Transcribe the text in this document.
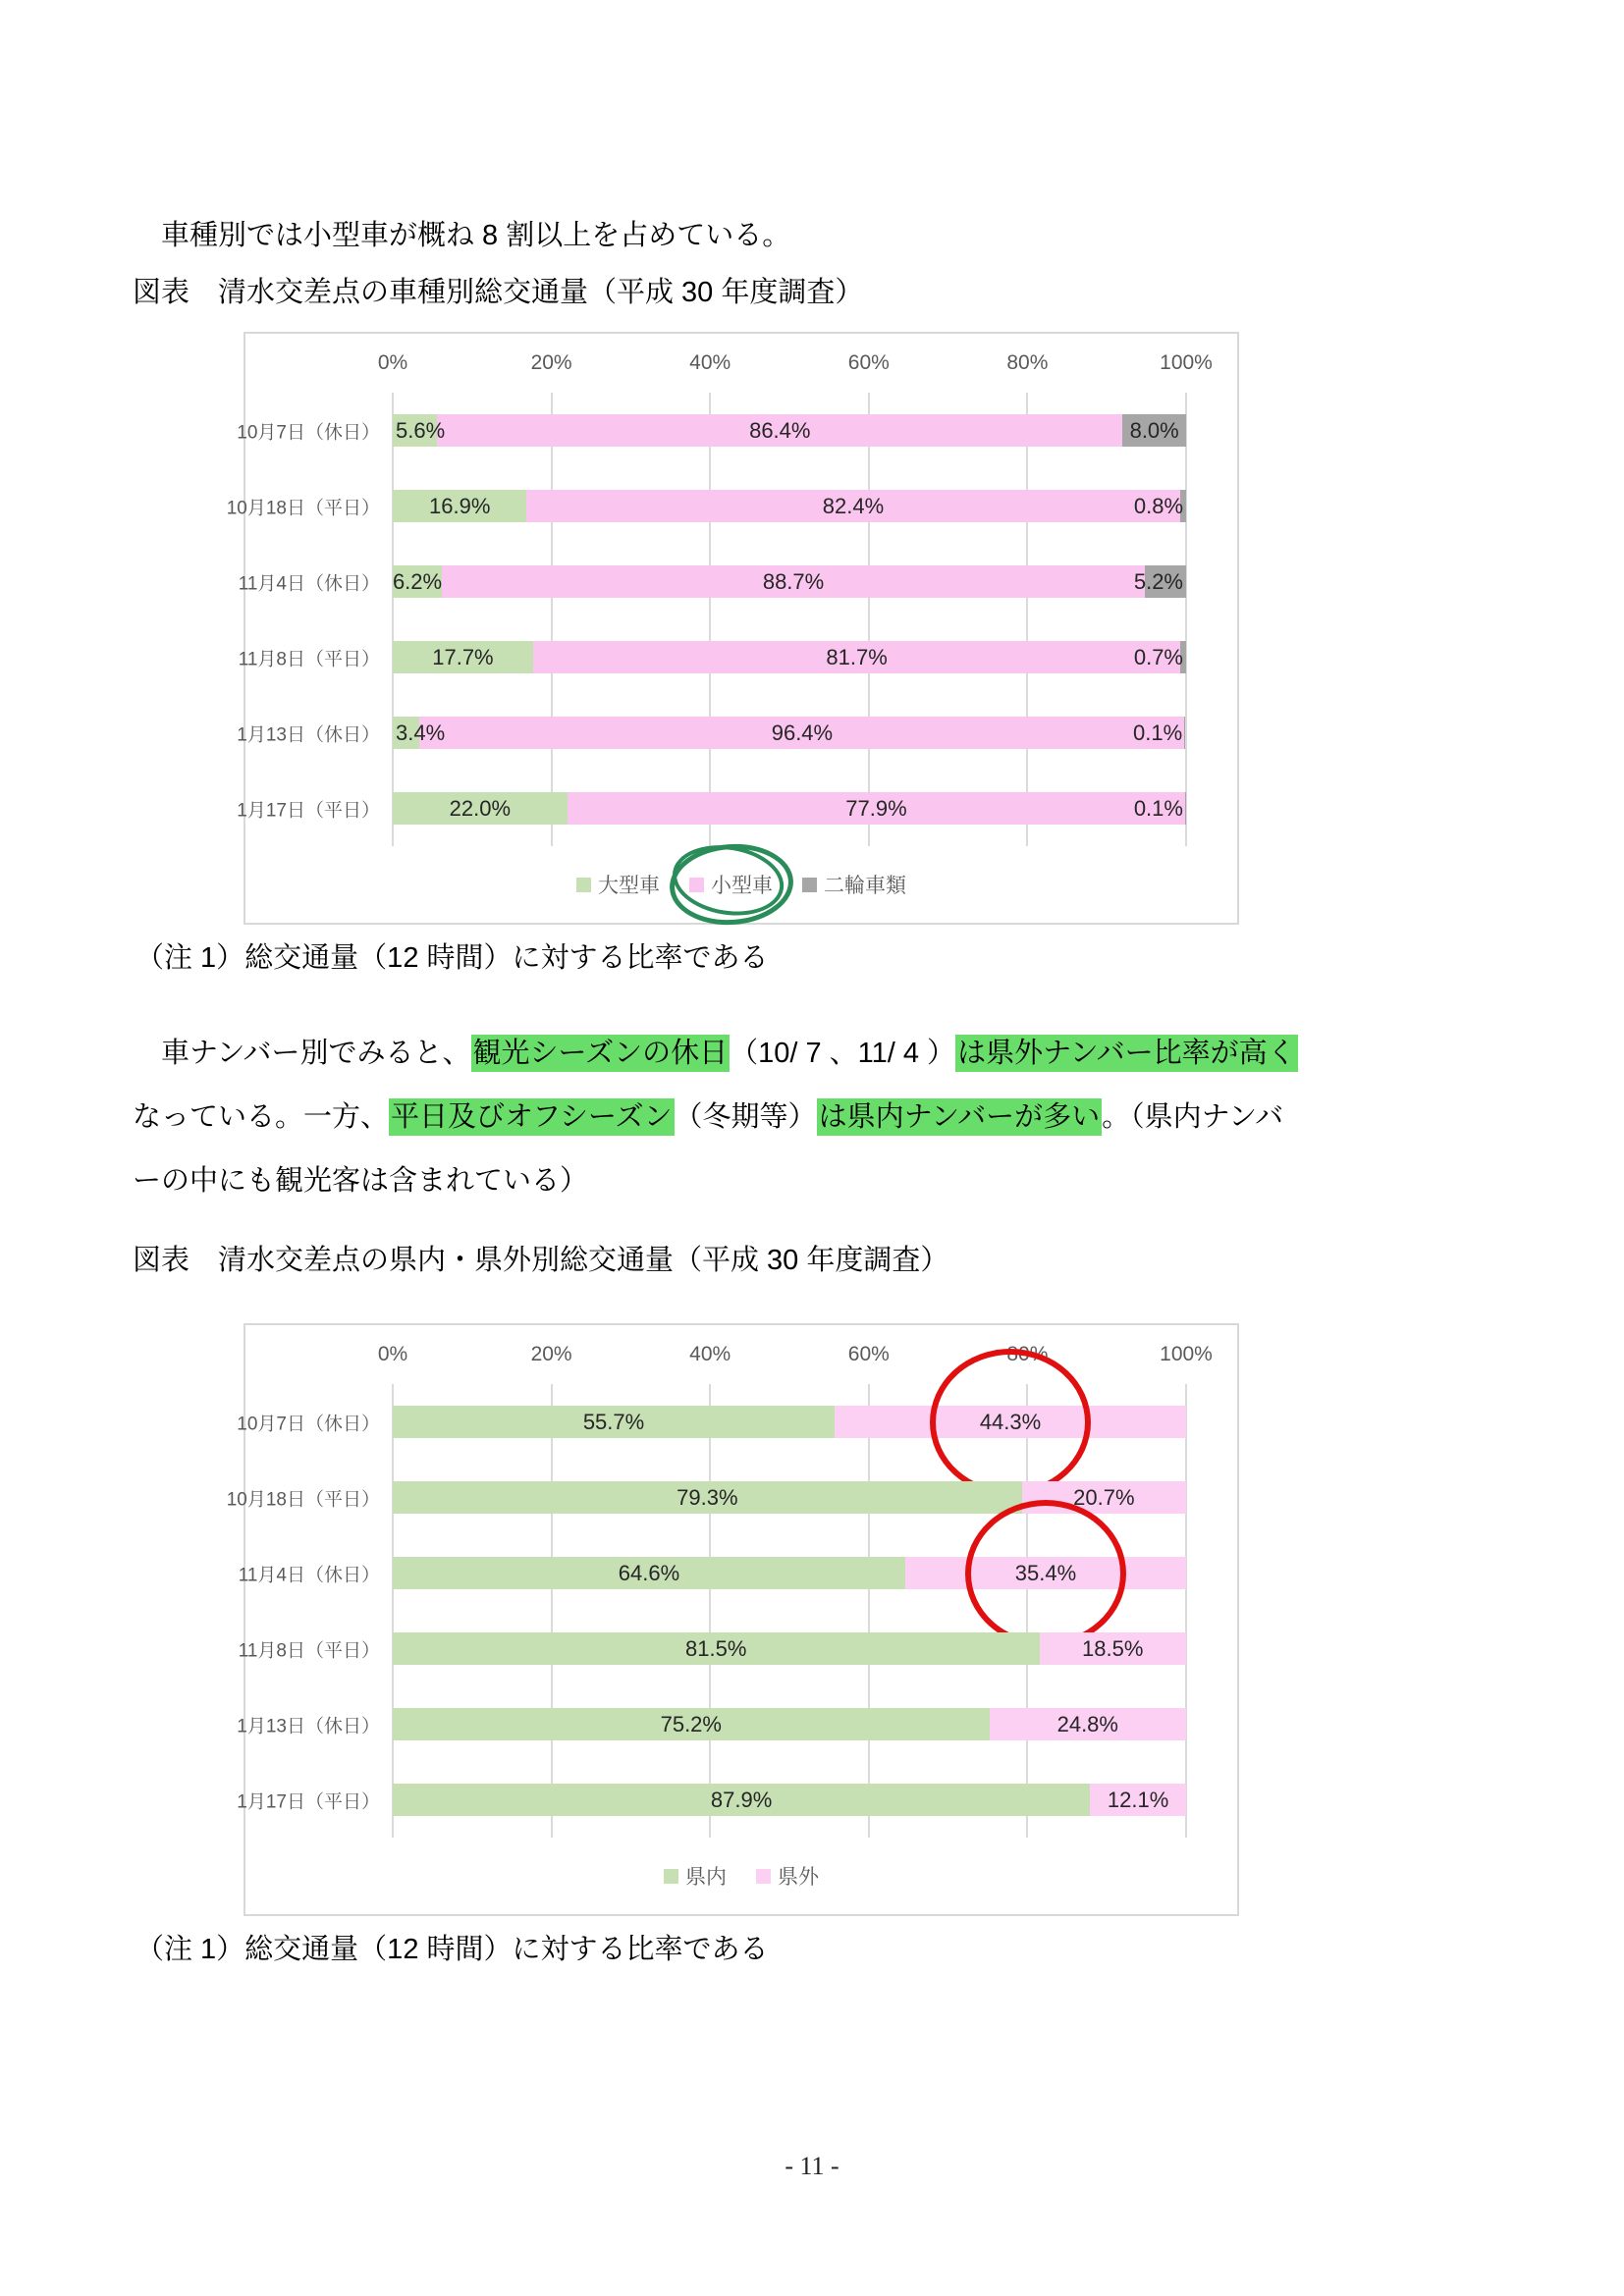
　車種別では小型車が概ね 8 割以上を占めている。

図表　清水交差点の車種別総交通量（平成 30 年度調査）

0%	20%	40%	60%	80%	100%
10月7日（休日） 5.6%	86.4%	8.0%
10月18日（平日） 16.9%	82.4%	0.8%
11月4日（休日） 6.2%	88.7%	5.2%
11月8日（平日） 17.7%	81.7%	0.7%
1月13日（休日） 3.4%	96.4%	0.1%
1月17日（平日）	22.0%	77.9%	0.1%
大型車 小型車 二輪車類

（注 1）総交通量（12 時間）に対する比率である

　車ナンバー別でみると、観光シーズンの休日（10/ 7 、11/ 4 ）は県外ナンバー比率が高く
なっている。一方、平日及びオフシーズン（冬期等）は県内ナンバーが多い。（県内ナンバ
ーの中にも観光客は含まれている）

図表　清水交差点の県内・県外別総交通量（平成 30 年度調査）

0%	20%	40%	60%	80%	100%
10月7日（休日）	55.7%	44.3%
10月18日（平日）	79.3%	20.7%
11月4日（休日）	64.6%	35.4%
11月8日（平日）	81.5%	18.5%
1月13日（休日）	75.2%	24.8%
1月17日（平日）	87.9%	12.1%
県内 県外

（注 1）総交通量（12 時間）に対する比率である

- 11 -
